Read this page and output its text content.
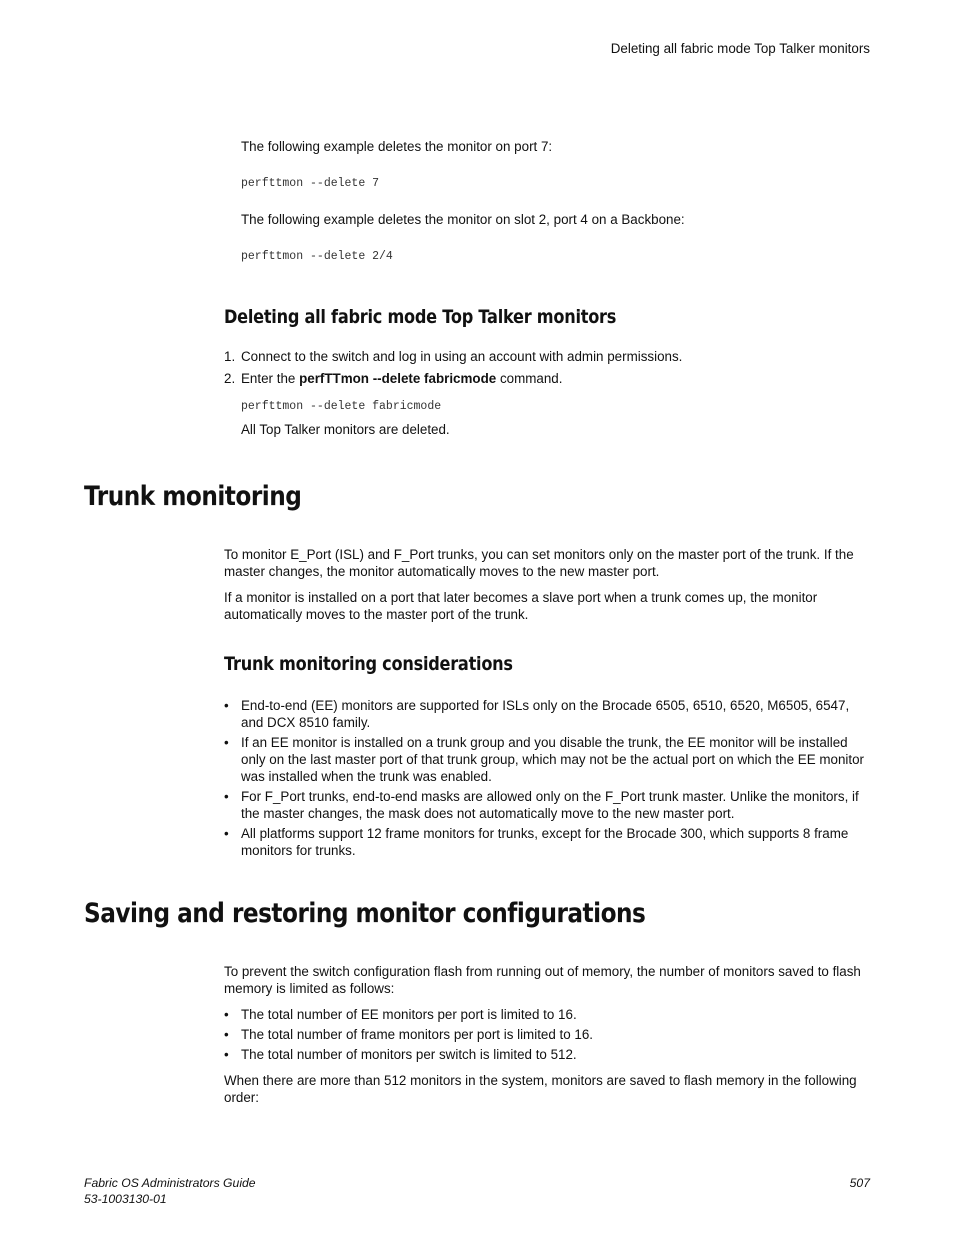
Deleting all fabric mode Top Talker monitors
The following example deletes the monitor on port 7:
perfttmon --delete 7
The following example deletes the monitor on slot 2, port 4 on a Backbone:
perfttmon --delete 2/4
Deleting all fabric mode Top Talker monitors
1. Connect to the switch and log in using an account with admin permissions.
2. Enter the perfTTmon --delete fabricmode command.
perfttmon --delete fabricmode
All Top Talker monitors are deleted.
Trunk monitoring
To monitor E_Port (ISL) and F_Port trunks, you can set monitors only on the master port of the trunk. If the master changes, the monitor automatically moves to the new master port.
If a monitor is installed on a port that later becomes a slave port when a trunk comes up, the monitor automatically moves to the master port of the trunk.
Trunk monitoring considerations
• End-to-end (EE) monitors are supported for ISLs only on the Brocade 6505, 6510, 6520, M6505, 6547, and DCX 8510 family.
• If an EE monitor is installed on a trunk group and you disable the trunk, the EE monitor will be installed only on the last master port of that trunk group, which may not be the actual port on which the EE monitor was installed when the trunk was enabled.
• For F_Port trunks, end-to-end masks are allowed only on the F_Port trunk master. Unlike the monitors, if the master changes, the mask does not automatically move to the new master port.
• All platforms support 12 frame monitors for trunks, except for the Brocade 300, which supports 8 frame monitors for trunks.
Saving and restoring monitor configurations
To prevent the switch configuration flash from running out of memory, the number of monitors saved to flash memory is limited as follows:
• The total number of EE monitors per port is limited to 16.
• The total number of frame monitors per port is limited to 16.
• The total number of monitors per switch is limited to 512.
When there are more than 512 monitors in the system, monitors are saved to flash memory in the following order:
Fabric OS Administrators Guide
53-1003130-01
507
